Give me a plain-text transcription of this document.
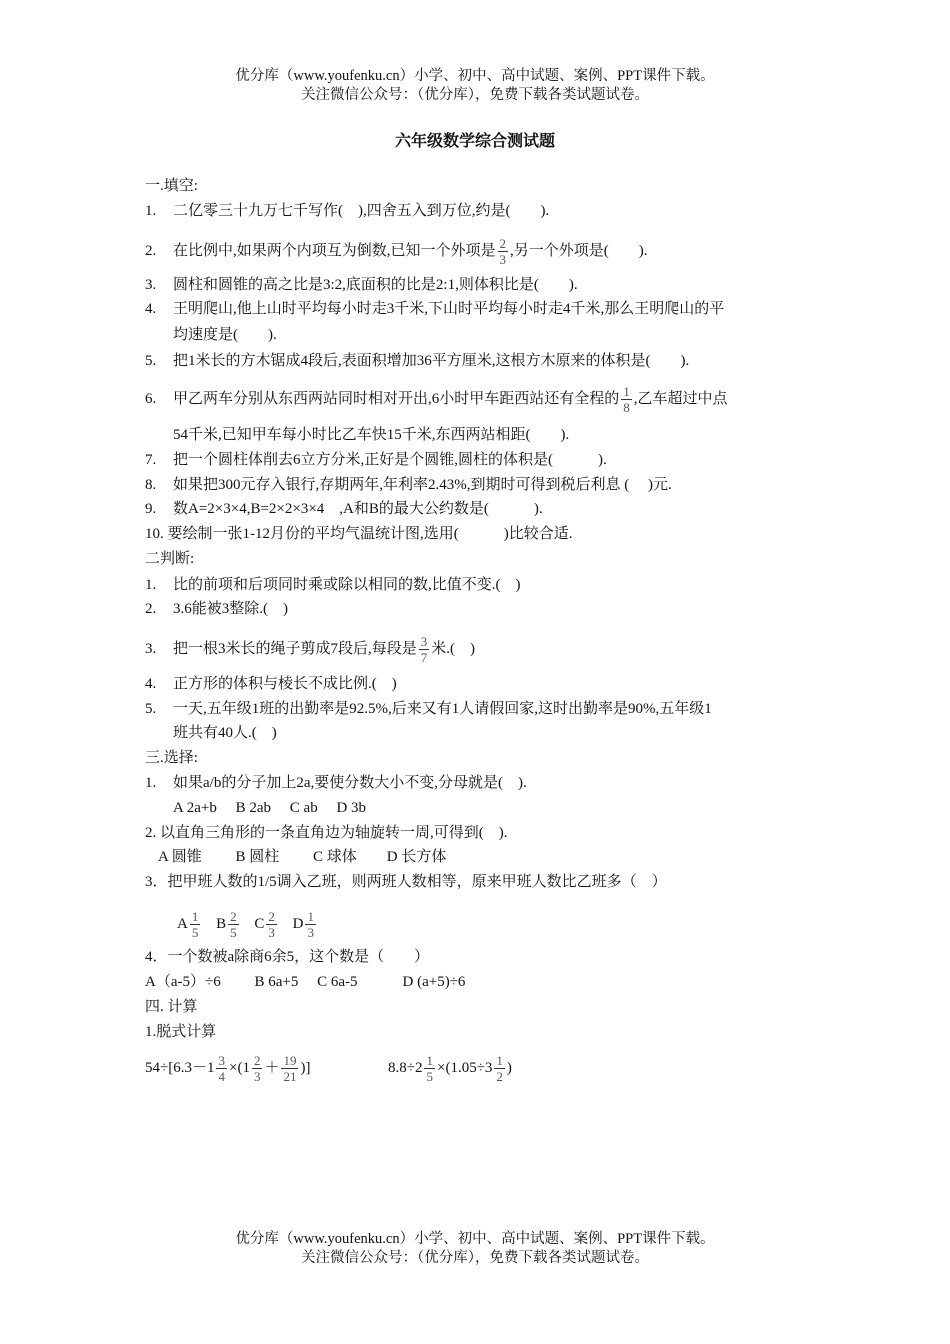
优分库（www.youfenku.cn）小学、初中、高中试题、案例、PPT课件下载。
关注微信公众号：（优分库），免费下载各类试题试卷。
六年级数学综合测试题
一.填空:
1. 二亿零三十九万七千写作(　),四舍五入到万位,约是(　　).
2. 在比例中,如果两个内项互为倒数,已知一个外项是 $\frac{2}{3}$ ,另一个外项是(　　).
3. 圆柱和圆锥的高之比是3:2,底面积的比是2:1,则体积比是(　　).
4. 王明爬山,他上山时平均每小时走3千米,下山时平均每小时走4千米,那么王明爬山的平
均速度是(　　).
5. 把1米长的方木锯成4段后,表面积增加36平方厘米,这根方木原来的体积是(　　).
6. 甲乙两车分别从东西两站同时相对开出,6小时甲车距西站还有全程的 $\frac{1}{8}$ ,乙车超过中点
54千米,已知甲车每小时比乙车快15千米,东西两站相距(　　).
7. 把一个圆柱体削去6立方分米,正好是个圆锥,圆柱的体积是(　　　).
8. 如果把300元存入银行,存期两年,年利率2.43%,到期时可得到税后利息 (　 )元.
9. 数A=2×3×4,B=2×2×3×4　,A和B的最大公约数是(　　　).
10. 要绘制一张1-12月份的平均气温统计图,选用(　　　)比较合适.
二判断:
1. 比的前项和后项同时乘或除以相同的数,比值不变.(　)
2. 3.6能被3整除.(　)
3. 把一根3米长的绳子剪成7段后,每段是 $\frac{3}{7}$ 米.(　)
4. 正方形的体积与棱长不成比例.(　)
5. 一天,五年级1班的出勤率是92.5%,后来又有1人请假回家,这时出勤率是90%,五年级1
班共有40人.(　)
三.选择:
1. 如果a/b的分子加上2a,要使分数大小不变,分母就是(　).
A 2a+b　 B 2ab　 C ab　 D 3b
2. 以直角三角形的一条直角边为轴旋转一周,可得到(　).
A 圆锥　　 B 圆柱　　 C 球体　　D 长方体
3．把甲班人数的1/5调入乙班，则两班人数相等，原来甲班人数比乙班多（　）
A $\frac{1}{5}$ B $\frac{2}{5}$ C $\frac{2}{3}$ D $\frac{1}{3}$
4．一个数被a除商6余5，这个数是（　　）
A（a-5）÷6　　 B 6a+5　 C 6a-5　　　D (a+5)÷6
四. 计算
1.脱式计算
$54\div[6.3-1 \frac{3}{4} \times(1 \frac{2}{3} + \frac{19}{21}$ )]	$8.8\div 2 \frac{1}{5} \times(1.05\div 3 \frac{1}{2}$ )
优分库（www.youfenku.cn）小学、初中、高中试题、案例、PPT课件下载。
关注微信公众号：（优分库），免费下载各类试题试卷。
